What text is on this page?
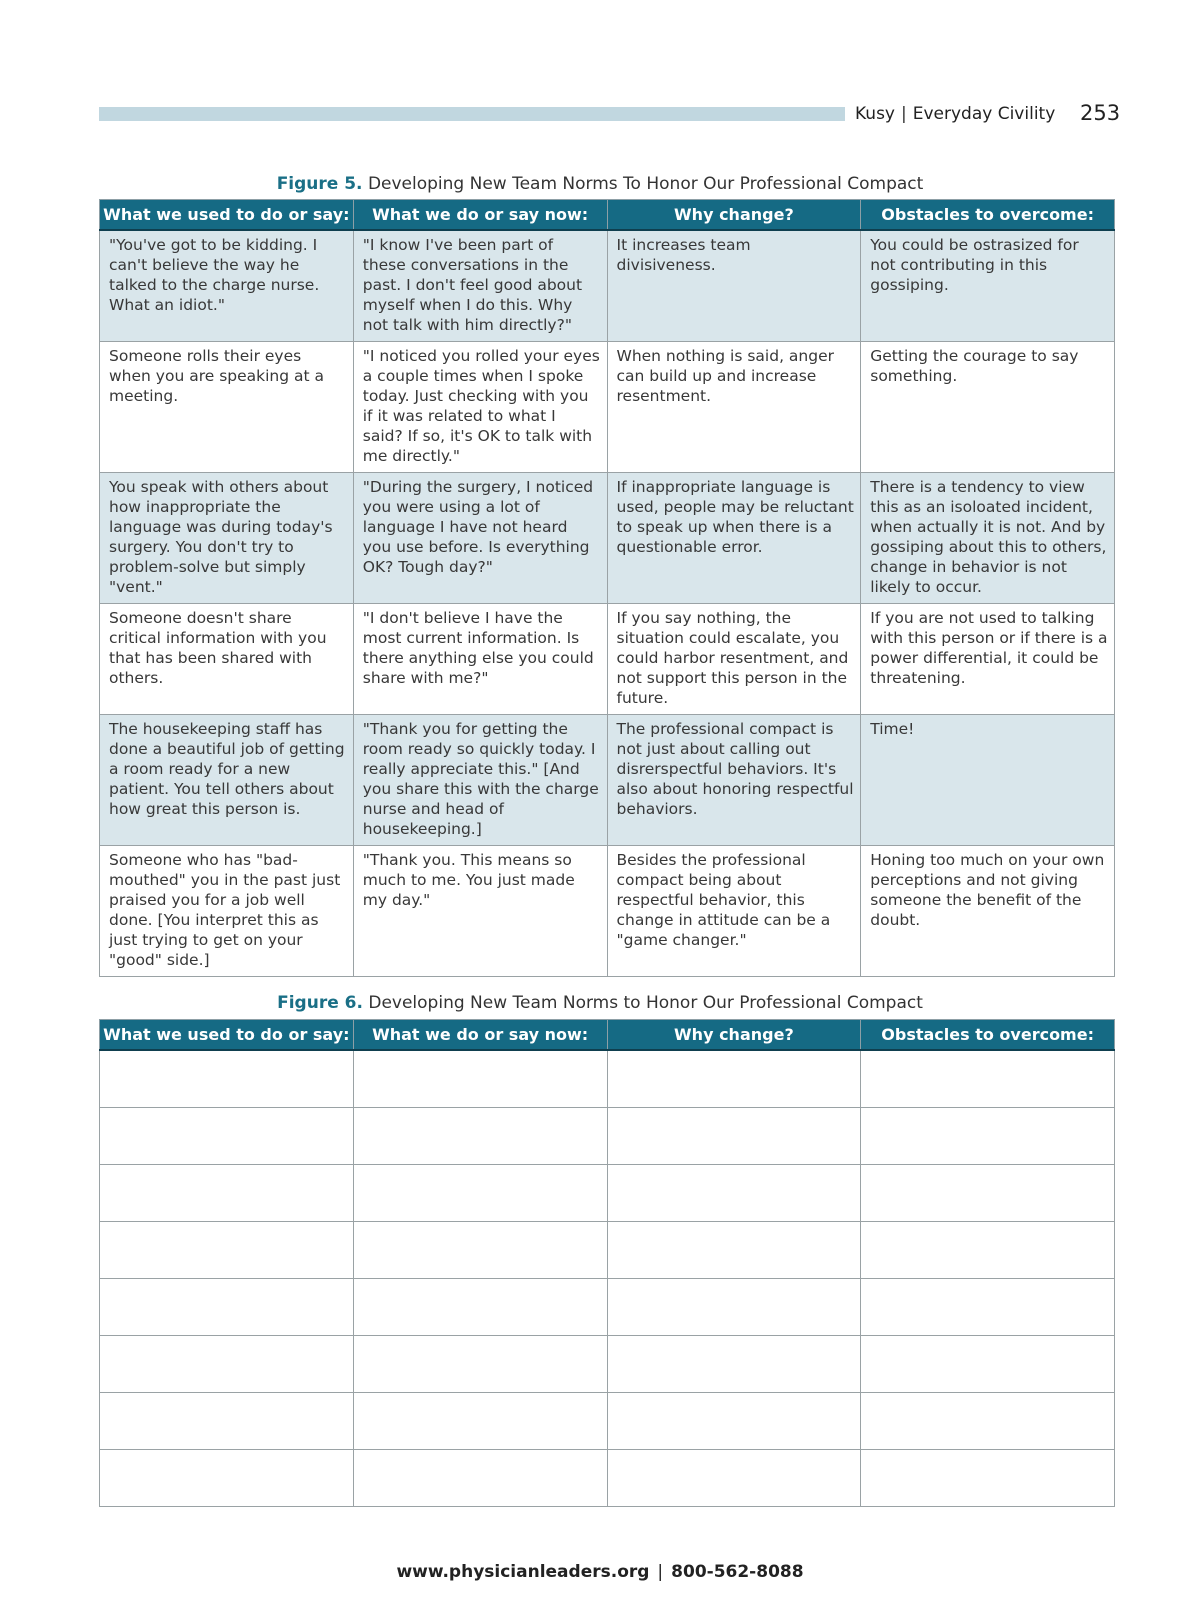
Kusy | Everyday Civility 253
Figure 5. Developing New Team Norms To Honor Our Professional Compact
What we used to do or say:	What we do or say now:	Why change?	Obstacles to overcome:
"You've got to be kidding. I can't believe the way he talked to the charge nurse. What an idiot."	"I know I've been part of these conversations in the past. I don't feel good about myself when I do this. Why not talk with him directly?"	It increases team divisiveness.	You could be ostrasized for not contributing in this gossiping.
Someone rolls their eyes when you are speaking at a meeting.	"I noticed you rolled your eyes a couple times when I spoke today. Just checking with you if it was related to what I said? If so, it's OK to talk with me directly."	When nothing is said, anger can build up and increase resentment.	Getting the courage to say something.
You speak with others about how inappropriate the language was during today's surgery. You don't try to problem-solve but simply "vent."	"During the surgery, I noticed you were using a lot of language I have not heard you use before. Is everything OK? Tough day?"	If inappropriate language is used, people may be reluctant to speak up when there is a questionable error.	There is a tendency to view this as an isoloated incident, when actually it is not. And by gossiping about this to others, change in behavior is not likely to occur.
Someone doesn't share critical information with you that has been shared with others.	"I don't believe I have the most current information. Is there anything else you could share with me?"	If you say nothing, the situation could escalate, you could harbor resentment, and not support this person in the future.	If you are not used to talking with this person or if there is a power differential, it could be threatening.
The housekeeping staff has done a beautiful job of getting a room ready for a new patient. You tell others about how great this person is.	"Thank you for getting the room ready so quickly today. I really appreciate this." [And you share this with the charge nurse and head of housekeeping.]	The professional compact is not just about calling out disrerspectful behaviors. It's also about honoring respectful behaviors.	Time!
Someone who has "bad-mouthed" you in the past just praised you for a job well done. [You interpret this as just trying to get on your "good" side.]	"Thank you. This means so much to me. You just made my day."	Besides the professional compact being about respectful behavior, this change in attitude can be a "game changer."	Honing too much on your own perceptions and not giving someone the benefit of the doubt.
Figure 6. Developing New Team Norms to Honor Our Professional Compact
What we used to do or say:	What we do or say now:	Why change?	Obstacles to overcome:

www.physicianleaders.org | 800-562-8088
